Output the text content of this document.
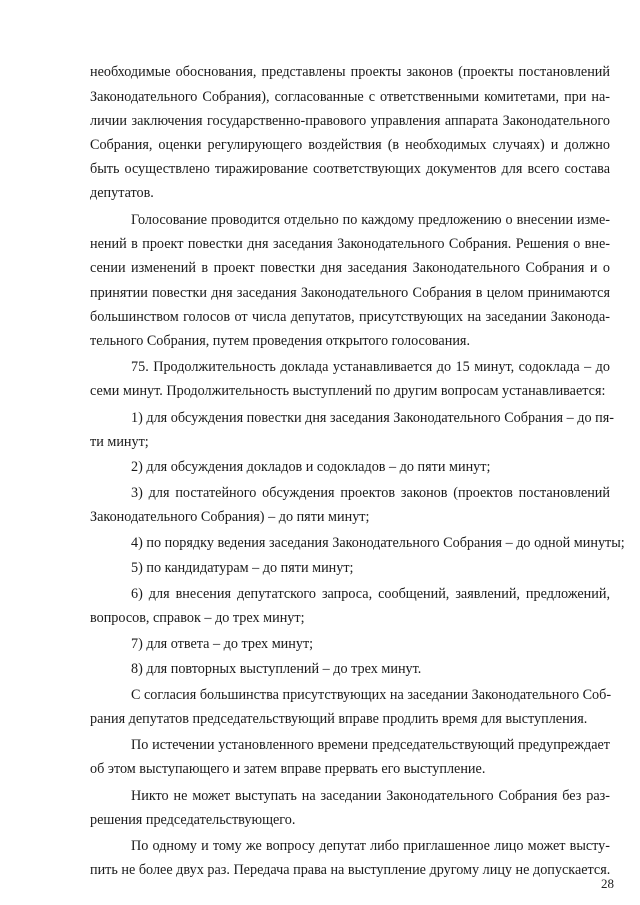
необходимые обоснования, представлены проекты законов (проекты постановлений
Законодательного Собрания), согласованные с ответственными комитетами, при на-
личии заключения государственно-правового управления аппарата Законодательного
Собрания, оценки регулирующего воздействия (в необходимых случаях) и должно
быть осуществлено тиражирование соответствующих документов для всего состава
депутатов.
Голосование проводится отдельно по каждому предложению о внесении изме-
нений в проект повестки дня заседания Законодательного Собрания. Решения о вне-
сении изменений в проект повестки дня заседания Законодательного Собрания и о
принятии повестки дня заседания Законодательного Собрания в целом принимаются
большинством голосов от числа депутатов, присутствующих на заседании Законода-
тельного Собрания, путем проведения открытого голосования.
75. Продолжительность доклада устанавливается до 15 минут, содоклада – до
семи минут. Продолжительность выступлений по другим вопросам устанавливается:
1) для обсуждения повестки дня заседания Законодательного Собрания – до пя-
ти минут;
2) для обсуждения докладов и содокладов – до пяти минут;
3) для постатейного обсуждения проектов законов (проектов постановлений
Законодательного Собрания) – до пяти минут;
4) по порядку ведения заседания Законодательного Собрания – до одной минуты;
5) по кандидатурам – до пяти минут;
6) для внесения депутатского запроса, сообщений, заявлений, предложений,
вопросов, справок – до трех минут;
7) для ответа – до трех минут;
8) для повторных выступлений – до трех минут.
С согласия большинства присутствующих на заседании Законодательного Соб-
рания депутатов председательствующий вправе продлить время для выступления.
По истечении установленного времени председательствующий предупреждает
об этом выступающего и затем вправе прервать его выступление.
Никто не может выступать на заседании Законодательного Собрания без раз-
решения председательствующего.
По одному и тому же вопросу депутат либо приглашенное лицо может высту-
пить не более двух раз. Передача права на выступление другому лицу не допускается.
28
